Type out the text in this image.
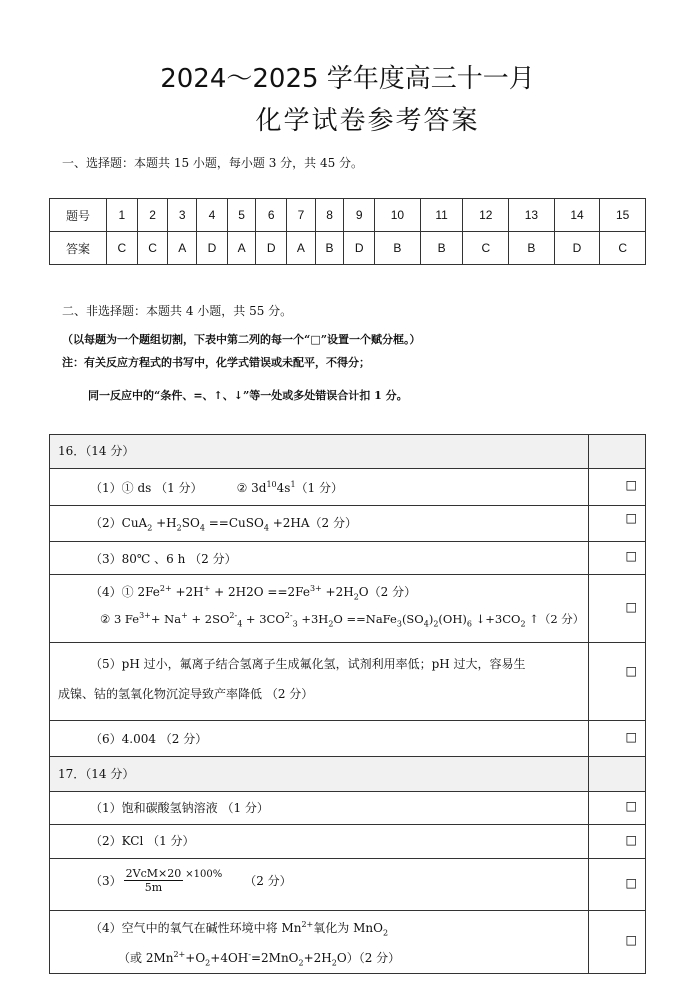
2024～2025 学年度高三十一月
化学试卷参考答案
一、选择题：本题共 15 小题，每小题 3 分，共 45 分。
题号	1	2	3	4	5	6	7	8	9	10	11	12	13	14	15
答案	C	C	A	D	A	D	A	B	D	B	B	C	B	D	C
二、非选择题：本题共 4 小题，共 55 分。
（以每题为一个题组切割，下表中第二列的每一个“□”设置一个赋分框。）
注：有关反应方程式的书写中，化学式错误或未配平，不得分；
同一反应中的“条件、=、↑、↓”等一处或多处错误合计扣 1 分。
16．（14 分）
（1）① ds （1 分）	② $3d^{10}4s^1(1$ 分）	☐
$(2)CuA_2 +H_2SO_4$ ==CuSO$_4$ +2HA（2 分）	☐
（3）80℃ 、6 h （2 分）	☐
（4）① $2Fe^{2+} +2H^+ + 2H2O ==2Fe^{3+} +2H_2O(2$ 分）
② 3 $Fe^{3+}+ Na^+ + 2SO^{2-}_4 + 3CO^{2-}_3 +3H_2O$ $==NaFe_3(SO_4)_2(OH)_6$ $↓+3CO_2$ ↑（2 分）
☐
（5）pH 过小，氟离子结合氢离子生成氟化氢，试剂利用率低；pH 过大，容易生
成镍、钴的氢氧化物沉淀导致产率降低 （2 分）
☐
（6）4.004 （2 分）	☐
17．（14 分）
（1）饱和碳酸氢钠溶液 （1 分）	☐
（2）KCl （1 分）	☐
$(3) \frac{\text{2VcM×20}}{5m} ^{\times 100\%}$ （2 分）	☐
（4）空气中的氧气在碱性环境中将 $Mn^{2+}$氧化为 MnO$_2$
（或 $2Mn^{2+}+O_2+4OH^-=2MnO_2+2H_2O)(2$ 分）
☐
